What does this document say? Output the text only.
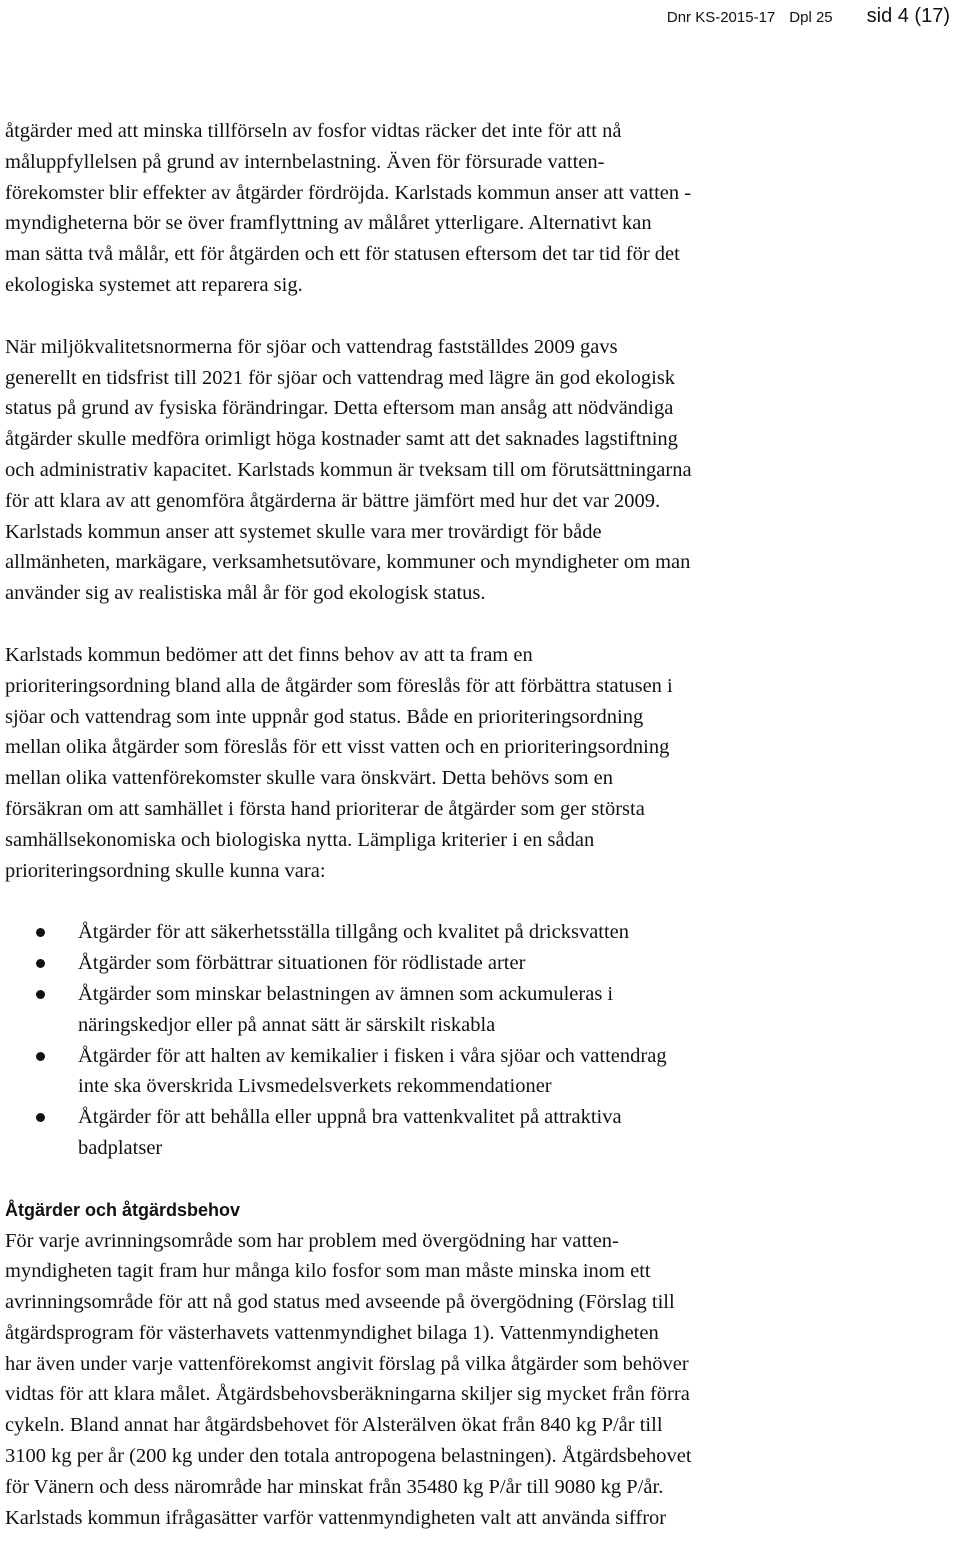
Dnr KS-2015-17 Dpl 25 sid 4 (17)

åtgärder med att minska tillförseln av fosfor vidtas räcker det inte för att nå
måluppfyllelsen på grund av internbelastning. Även för försurade vatten-
förekomster blir effekter av åtgärder fördröjda. Karlstads kommun anser att vatten -
myndigheterna bör se över framflyttning av målåret ytterligare. Alternativt kan
man sätta två målår, ett för åtgärden och ett för statusen eftersom det tar tid för det
ekologiska systemet att reparera sig.

När miljökvalitetsnormerna för sjöar och vattendrag fastställdes 2009 gavs
generellt en tidsfrist till 2021 för sjöar och vattendrag med lägre än god ekologisk
status på grund av fysiska förändringar. Detta eftersom man ansåg att nödvändiga
åtgärder skulle medföra orimligt höga kostnader samt att det saknades lagstiftning
och administrativ kapacitet. Karlstads kommun är tveksam till om förutsättningarna
för att klara av att genomföra åtgärderna är bättre jämfört med hur det var 2009.
Karlstads kommun anser att systemet skulle vara mer trovärdigt för både
allmänheten, markägare, verksamhetsutövare, kommuner och myndigheter om man
använder sig av realistiska mål år för god ekologisk status.

Karlstads kommun bedömer att det finns behov av att ta fram en
prioriteringsordning bland alla de åtgärder som föreslås för att förbättra statusen i
sjöar och vattendrag som inte uppnår god status. Både en prioriteringsordning
mellan olika åtgärder som föreslås för ett visst vatten och en prioriteringsordning
mellan olika vattenförekomster skulle vara önskvärt. Detta behövs som en
försäkran om att samhället i första hand prioriterar de åtgärder som ger största
samhällsekonomiska och biologiska nytta. Lämpliga kriterier i en sådan
prioriteringsordning skulle kunna vara:

Åtgärder för att säkerhetsställa tillgång och kvalitet på dricksvatten
Åtgärder som förbättrar situationen för rödlistade arter
Åtgärder som minskar belastningen av ämnen som ackumuleras i
näringskedjor eller på annat sätt är särskilt riskabla
Åtgärder för att halten av kemikalier i fisken i våra sjöar och vattendrag
inte ska överskrida Livsmedelsverkets rekommendationer
Åtgärder för att behålla eller uppnå bra vattenkvalitet på attraktiva
badplatser
Åtgärder och åtgärdsbehov

För varje avrinningsområde som har problem med övergödning har vatten-
myndigheten tagit fram hur många kilo fosfor som man måste minska inom ett
avrinningsområde för att nå god status med avseende på övergödning (Förslag till
åtgärdsprogram för västerhavets vattenmyndighet bilaga 1). Vattenmyndigheten
har även under varje vattenförekomst angivit förslag på vilka åtgärder som behöver
vidtas för att klara målet. Åtgärdsbehovsberäkningarna skiljer sig mycket från förra
cykeln. Bland annat har åtgärdsbehovet för Alsterälven ökat från 840 kg P/år till
3100 kg per år (200 kg under den totala antropogena belastningen). Åtgärdsbehovet
för Vänern och dess närområde har minskat från 35480 kg P/år till 9080 kg P/år.
Karlstads kommun ifrågasätter varför vattenmyndigheten valt att använda siffror
